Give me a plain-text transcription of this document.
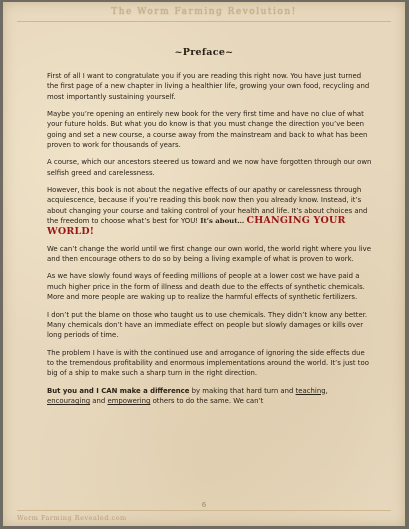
The Worm Farming Revolution!
~Preface~

First of all I want to congratulate you if you are reading this right now. You have just turned the first page of a new chapter in living a healthier life, growing your own food, recycling and most importantly sustaining yourself.

Maybe you’re opening an entirely new book for the very first time and have no clue of what your future holds. But what you do know is that you must change the direction you’ve been going and set a new course, a course away from the mainstream and back to what has been proven to work for thousands of years.

A course, which our ancestors steered us toward and we now have forgotten through our own selfish greed and carelessness.

However, this book is not about the negative effects of our apathy or carelessness through acquiescence, because if you’re reading this book now then you already know. Instead, it’s about changing your course and taking control of your health and life. It’s about choices and the freedom to choose what’s best for YOU! It’s about… CHANGING YOUR WORLD!

We can’t change the world until we first change our own world, the world right where you live and then encourage others to do so by being a living example of what is proven to work.

As we have slowly found ways of feeding millions of people at a lower cost we have paid a much higher price in the form of illness and death due to the effects of synthetic chemicals. More and more people are waking up to realize the harmful effects of synthetic fertilizers.

I don’t put the blame on those who taught us to use chemicals. They didn’t know any better. Many chemicals don’t have an immediate effect on people but slowly damages or kills over long periods of time.

The problem I have is with the continued use and arrogance of ignoring the side effects due to the tremendous profitability and enormous implementations around the world. It’s just too big of a ship to make such a sharp turn in the right direction.

But you and I CAN make a difference by making that hard turn and teaching, encouraging and empowering others to do the same. We can’t

6
Worm Farming Revealed.com
